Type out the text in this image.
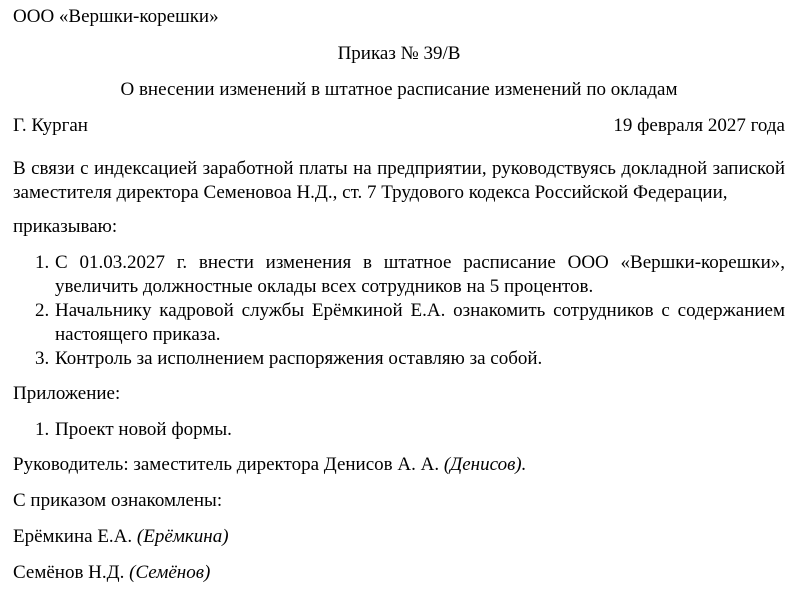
ООО «Вершки-корешки»

Приказ № 39/В

О внесении изменений в штатное расписание изменений по окладам

Г. Курган	19 февраля 2027 года

В связи с индексацией заработной платы на предприятии, руководствуясь докладной запиской заместителя директора Семеновоа Н.Д., ст. 7 Трудового кодекса Российской Федерации,

приказываю:

1. С 01.03.2027 г. внести изменения в штатное расписание ООО «Вершки-корешки», увеличить должностные оклады всех сотрудников на 5 процентов.
2. Начальнику кадровой службы Ерёмкиной Е.А. ознакомить сотрудников с содержанием настоящего приказа.
3. Контроль за исполнением распоряжения оставляю за собой.

Приложение:

1. Проект новой формы.

Руководитель: заместитель директора Денисов А. А. (Денисов).

С приказом ознакомлены:

Ерёмкина Е.А. (Ерёмкина)

Семёнов Н.Д. (Семёнов)
